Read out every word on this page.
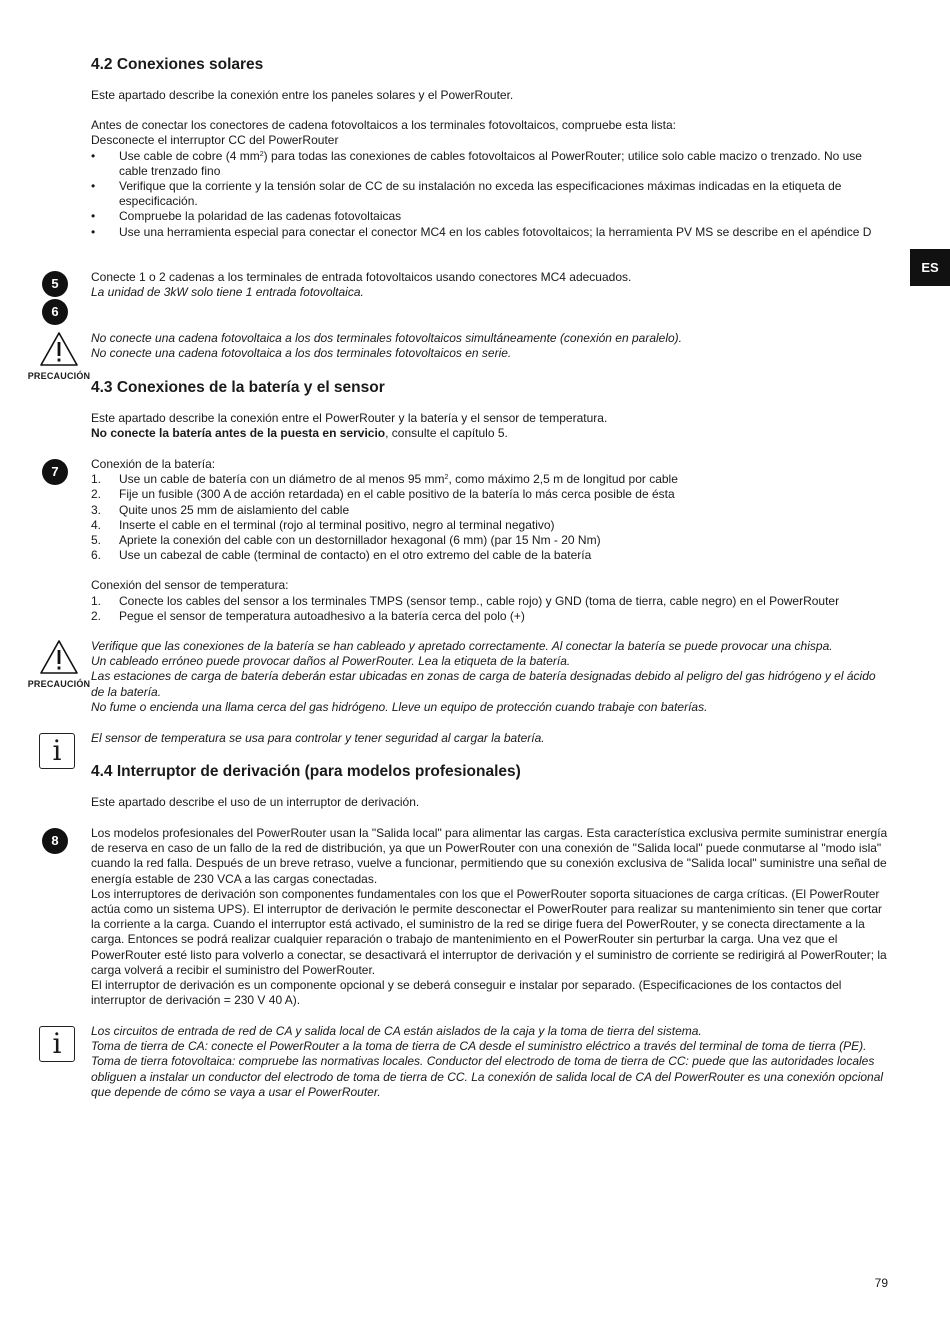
ES
4.2 Conexiones solares

Este apartado describe la conexión entre los paneles solares y el PowerRouter.

Antes de conectar los conectores de cadena fotovoltaicos a los terminales fotovoltaicos, compruebe esta lista:

Desconecte el interruptor CC del PowerRouter

• Use cable de cobre (4 $mm^2$) para todas las conexiones de cables fotovoltaicos al PowerRouter; utilice solo cable macizo o trenzado. No use cable trenzado fino
• Verifique que la corriente y la tensión solar de CC de su instalación no exceda las especificaciones máximas indicadas en la etiqueta de especificación.
• Compruebe la polaridad de las cadenas fotovoltaicas
• Use una herramienta especial para conectar el conector MC4 en los cables fotovoltaicos; la herramienta PV MS se describe en el apéndice D
5
6

Conecte 1 o 2 cadenas a los terminales de entrada fotovoltaicos usando conectores MC4 adecuados.

La unidad de 3kW solo tiene 1 entrada fotovoltaica.

PRECAUCIÓN

No conecte una cadena fotovoltaica a los dos terminales fotovoltaicos simultáneamente (conexión en paralelo).

No conecte una cadena fotovoltaica a los dos terminales fotovoltaicos en serie.

4.3 Conexiones de la batería y el sensor

Este apartado describe la conexión entre el PowerRouter y la batería y el sensor de temperatura.

No conecte la batería antes de la puesta en servicio, consulte el capítulo 5.

7	Conexión de la batería:

1. Use un cable de batería con un diámetro de al menos 95 $mm^2$, como máximo 2,5 m de longitud por cable
2. Fije un fusible (300 A de acción retardada) en el cable positivo de la batería lo más cerca posible de ésta
3. Quite unos 25 mm de aislamiento del cable
4. Inserte el cable en el terminal (rojo al terminal positivo, negro al terminal negativo)
5. Apriete la conexión del cable con un destornillador hexagonal (6 mm) (par 15 Nm - 20 Nm)
6. Use un cabezal de cable (terminal de contacto) en el otro extremo del cable de la batería

Conexión del sensor de temperatura:

1. Conecte los cables del sensor a los terminales TMPS (sensor temp., cable rojo) y GND (toma de tierra, cable negro) en el PowerRouter
2. Pegue el sensor de temperatura autoadhesivo a la batería cerca del polo (+)
PRECAUCIÓN

Verifique que las conexiones de la batería se han cableado y apretado correctamente. Al conectar la batería se puede provocar una chispa.

Un cableado erróneo puede provocar daños al PowerRouter. Lea la etiqueta de la batería.

Las estaciones de carga de batería deberán estar ubicadas en zonas de carga de batería designadas debido al peligro del gas hidrógeno y el ácido de la batería.

No fume o encienda una llama cerca del gas hidrógeno. Lleve un equipo de protección cuando trabaje con baterías.

i	El sensor de temperatura se usa para controlar y tener seguridad al cargar la batería.

4.4 Interruptor de derivación (para modelos profesionales)

Este apartado describe el uso de un interruptor de derivación.

8	Los modelos profesionales del PowerRouter usan la "Salida local" para alimentar las cargas. Esta característica exclusiva permite suministrar energía de reserva en caso de un fallo de la red de distribución, ya que un PowerRouter con una conexión de "Salida local" puede conmutarse al "modo isla" cuando la red falla. Después de un breve retraso, vuelve a funcionar, permitiendo que su conexión exclusiva de "Salida local" suministre una señal de energía estable de 230 VCA a las cargas conectadas.

Los interruptores de derivación son componentes fundamentales con los que el PowerRouter soporta situaciones de carga críticas. (El PowerRouter actúa como un sistema UPS). El interruptor de derivación le permite desconectar el PowerRouter para realizar su mantenimiento sin tener que cortar la corriente a la carga. Cuando el interruptor está activado, el suministro de la red se dirige fuera del PowerRouter, y se conecta directamente a la carga. Entonces se podrá realizar cualquier reparación o trabajo de mantenimiento en el PowerRouter sin perturbar la carga. Una vez que el PowerRouter esté listo para volverlo a conectar, se desactivará el interruptor de derivación y el suministro de corriente se redirigirá al PowerRouter; la carga volverá a recibir el suministro del PowerRouter.

El interruptor de derivación es un componente opcional y se deberá conseguir e instalar por separado. (Especificaciones de los contactos del interruptor de derivación = 230 V 40 A).

i	Los circuitos de entrada de red de CA y salida local de CA están aislados de la caja y la toma de tierra del sistema.

Toma de tierra de CA: conecte el PowerRouter a la toma de tierra de CA desde el suministro eléctrico a través del terminal de toma de tierra (PE).

Toma de tierra fotovoltaica: compruebe las normativas locales. Conductor del electrodo de toma de tierra de CC: puede que las autoridades locales obliguen a instalar un conductor del electrodo de toma de tierra de CC. La conexión de salida local de CA del PowerRouter es una conexión opcional que depende de cómo se vaya a usar el PowerRouter.

79
